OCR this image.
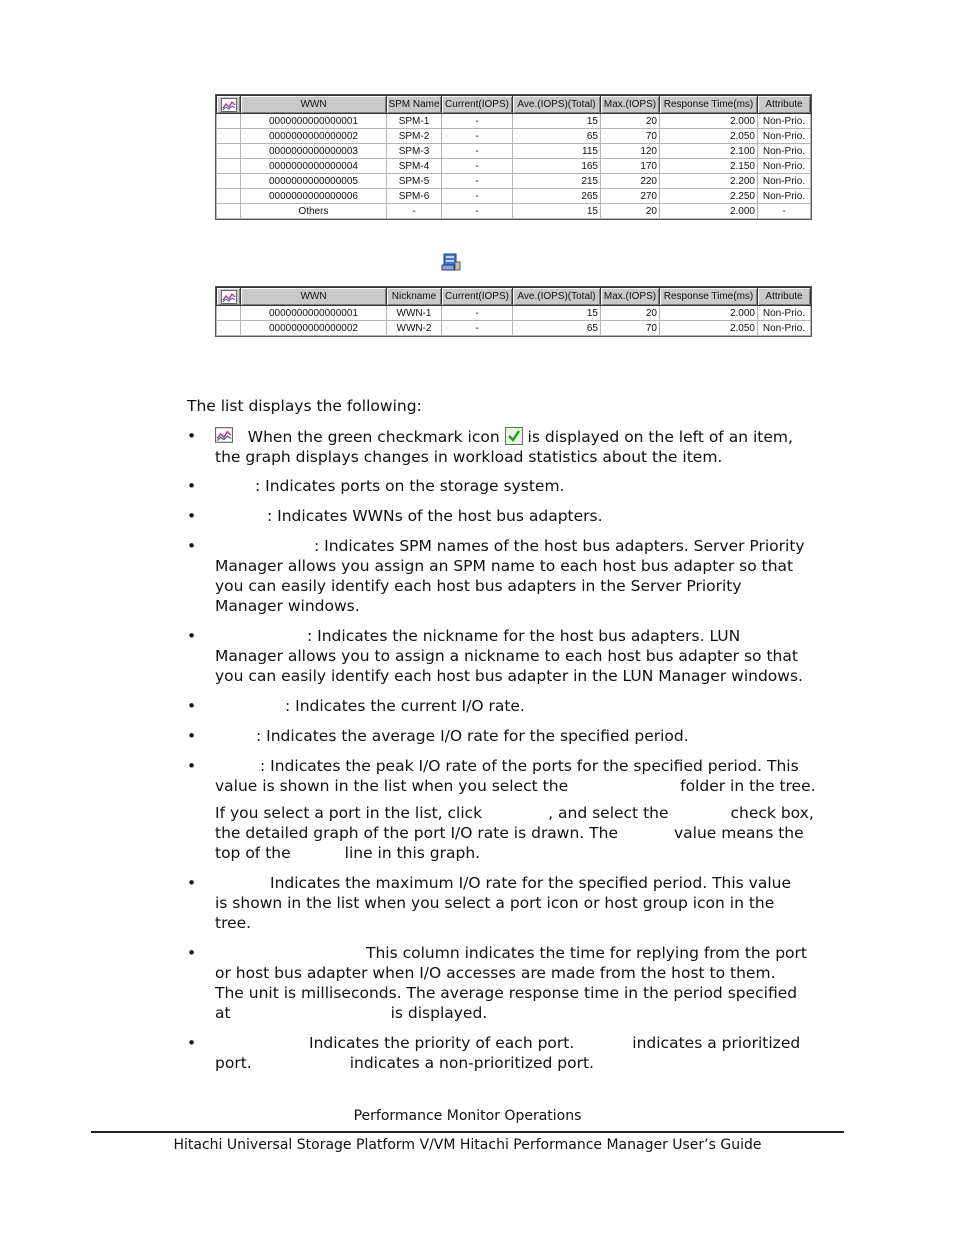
	WWN	SPM Name	Current(IOPS)	Ave.(IOPS)(Total)	Max.(IOPS)	Response Time(ms)	Attribute
	0000000000000001	SPM-1	-	15	20	2.000	Non-Prio.
	0000000000000002	SPM-2	-	65	70	2.050	Non-Prio.
	0000000000000003	SPM-3	-	115	120	2.100	Non-Prio.
	0000000000000004	SPM-4	-	165	170	2.150	Non-Prio.
	0000000000000005	SPM-5	-	215	220	2.200	Non-Prio.
	0000000000000006	SPM-6	-	265	270	2.250	Non-Prio.
	Others	-	-	15	20	2.000	-
	WWN	Nickname	Current(IOPS)	Ave.(IOPS)(Total)	Max.(IOPS)	Response Time(ms)	Attribute
	0000000000000001	WWN-1	-	15	20	2.000	Non-Prio.
	0000000000000002	WWN-2	-	65	70	2.050	Non-Prio.

The list displays the following:

•	When the green checkmark icon is displayed on the left of an item,
the graph displays changes in workload statistics about the item.
•	: Indicates ports on the storage system.
•	: Indicates WWNs of the host bus adapters.
•	: Indicates SPM names of the host bus adapters. Server Priority
Manager allows you assign an SPM name to each host bus adapter so that
you can easily identify each host bus adapters in the Server Priority
Manager windows.
•	: Indicates the nickname for the host bus adapters. LUN
Manager allows you to assign a nickname to each host bus adapter so that
you can easily identify each host bus adapter in the LUN Manager windows.
•	: Indicates the current I/O rate.
•	: Indicates the average I/O rate for the specified period.
•	: Indicates the peak I/O rate of the ports for the specified period. This
value is shown in the list when you select the	folder in the tree.
If you select a port in the list, click	, and select the	check box,
the detailed graph of the port I/O rate is drawn. The	value means the
top of the	line in this graph.
•	Indicates the maximum I/O rate for the specified period. This value
is shown in the list when you select a port icon or host group icon in the
tree.
•	This column indicates the time for replying from the port
or host bus adapter when I/O accesses are made from the host to them.
The unit is milliseconds. The average response time in the period specified
at	is displayed.
•	Indicates the priority of each port.	indicates a prioritized
port.	indicates a non-prioritized port.
Performance Monitor Operations
Hitachi Universal Storage Platform V/VM Hitachi Performance Manager User’s Guide
